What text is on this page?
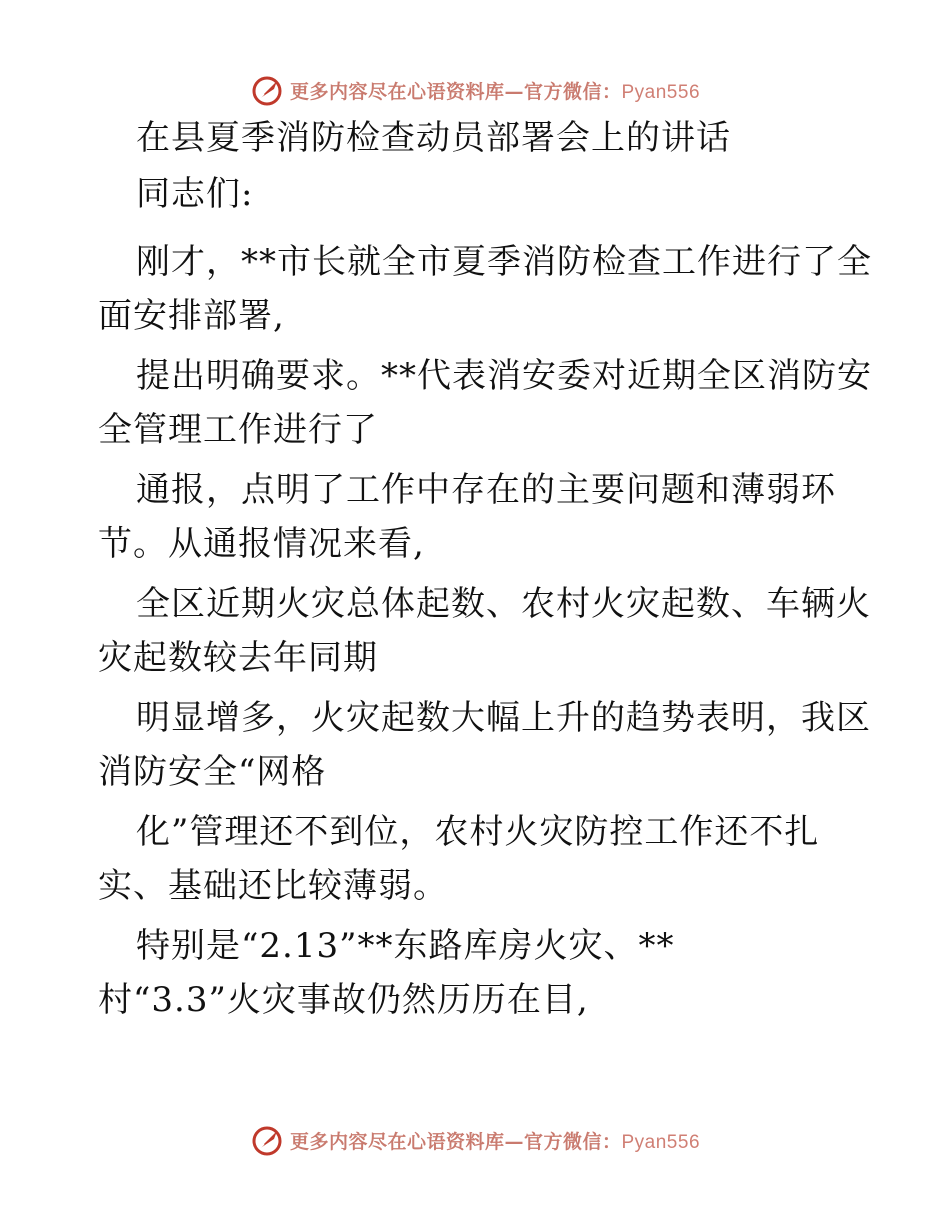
更多内容尽在心语资料库—官方微信：Pyan556
在县夏季消防检查动员部署会上的讲话
同志们:
刚才，**市长就全市夏季消防检查工作进行了全
面安排部署,
提出明确要求。**代表消安委对近期全区消防安
全管理工作进行了
通报，点明了工作中存在的主要问题和薄弱环
节。从通报情况来看,
全区近期火灾总体起数、农村火灾起数、车辆火
灾起数较去年同期
明显增多，火灾起数大幅上升的趋势表明，我区
消防安全“网格
化”管理还不到位，农村火灾防控工作还不扎
实、基础还比较薄弱。
特别是“2.13”**东路库房火灾、**
村“3.3”火灾事故仍然历历在目,
更多内容尽在心语资料库—官方微信：Pyan556
